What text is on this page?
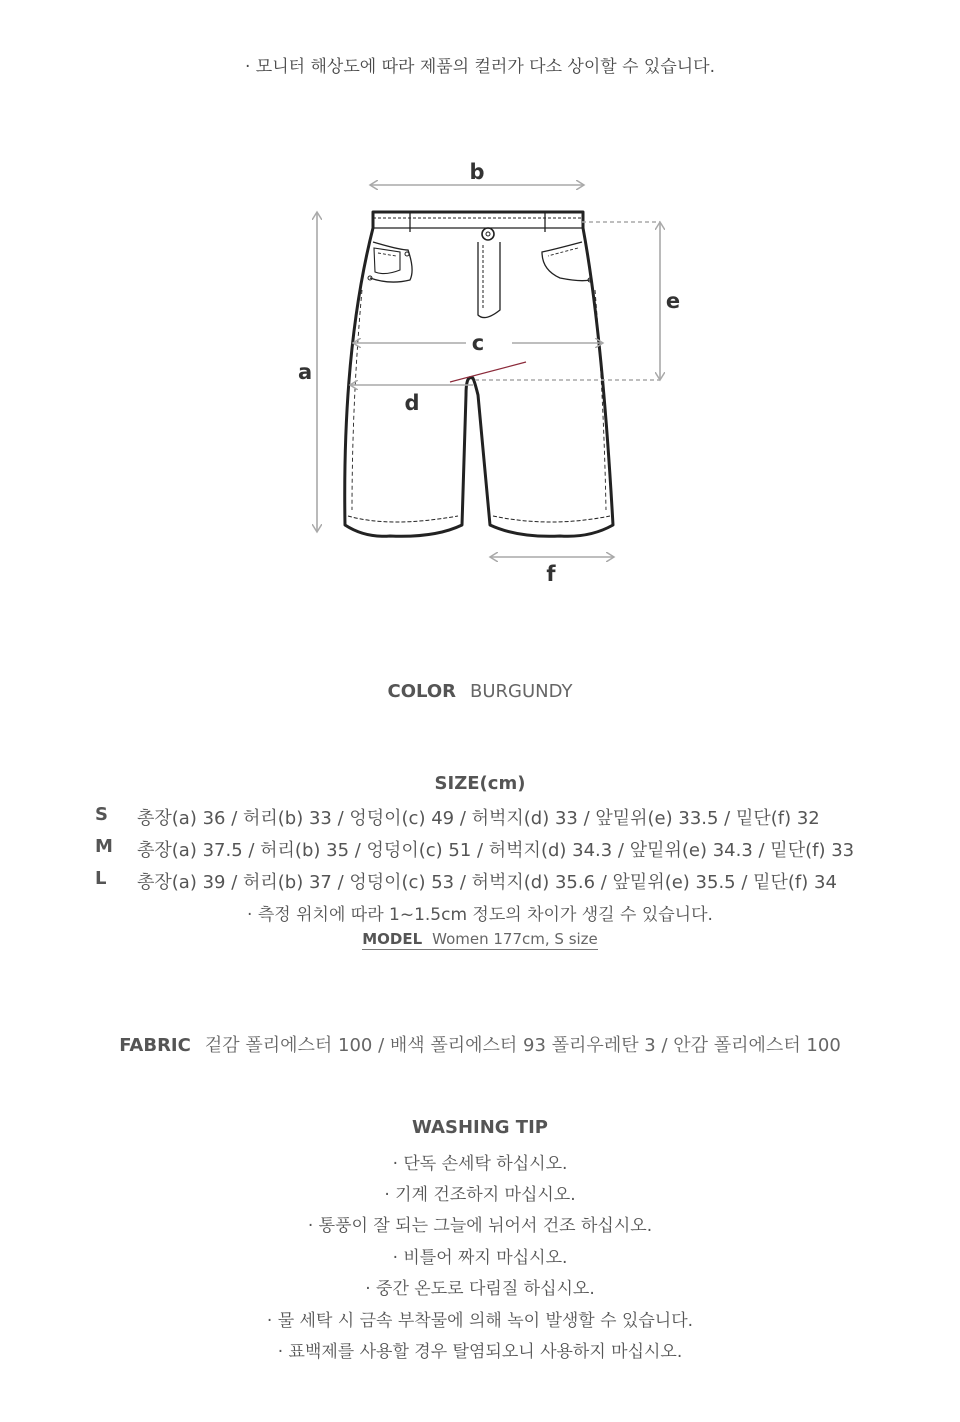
· 모니터 해상도에 따라 제품의 컬러가 다소 상이할 수 있습니다.
a
b
c
d
e
f
COLOR BURGUNDY
SIZE(cm)
S 총장(a) 36 / 허리(b) 33 / 엉덩이(c) 49 / 허벅지(d) 33 / 앞밑위(e) 33.5 / 밑단(f) 32
M 총장(a) 37.5 / 허리(b) 35 / 엉덩이(c) 51 / 허벅지(d) 34.3 / 앞밑위(e) 34.3 / 밑단(f) 33
L 총장(a) 39 / 허리(b) 37 / 엉덩이(c) 53 / 허벅지(d) 35.6 / 앞밑위(e) 35.5 / 밑단(f) 34
· 측정 위치에 따라 1~1.5cm 정도의 차이가 생길 수 있습니다.
MODEL Women 177cm, S size
FABRIC 겉감 폴리에스터 100 / 배색 폴리에스터 93 폴리우레탄 3 / 안감 폴리에스터 100
WASHING TIP
· 단독 손세탁 하십시오.
· 기계 건조하지 마십시오.
· 통풍이 잘 되는 그늘에 뉘어서 건조 하십시오.
· 비틀어 짜지 마십시오.
· 중간 온도로 다림질 하십시오.
· 물 세탁 시 금속 부착물에 의해 녹이 발생할 수 있습니다.
· 표백제를 사용할 경우 탈염되오니 사용하지 마십시오.
